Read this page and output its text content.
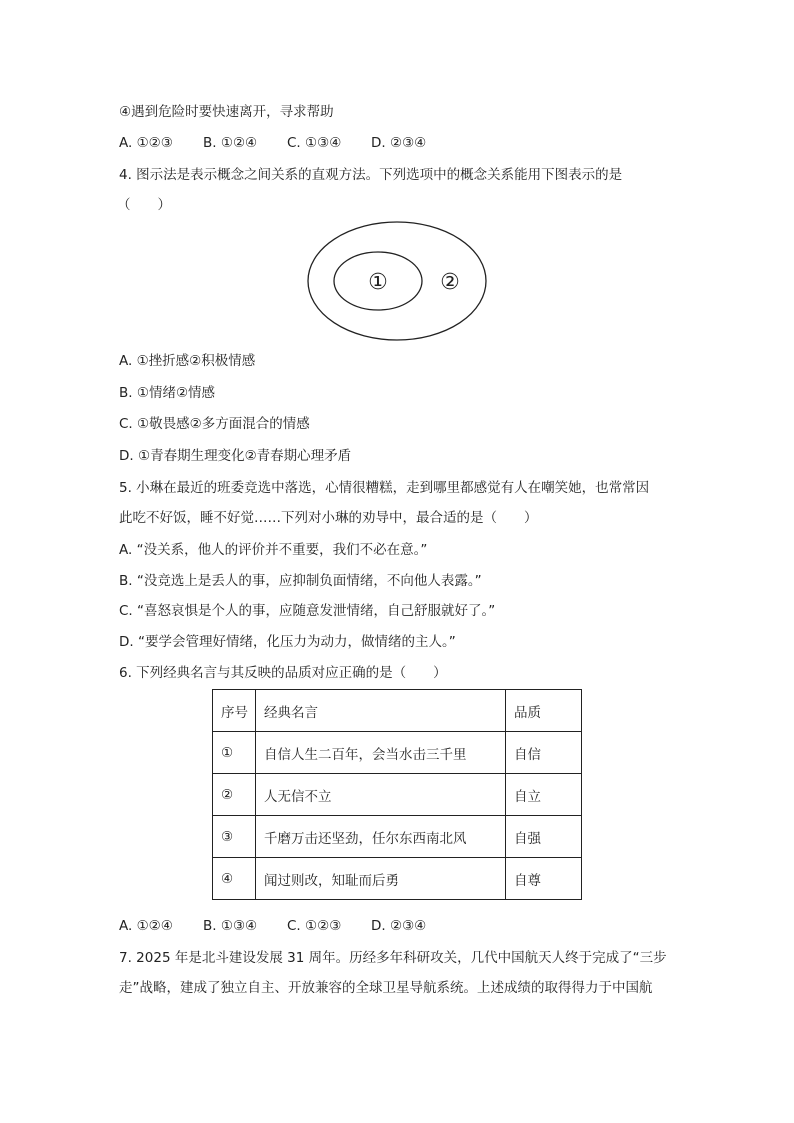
④遇到危险时要快速离开，寻求帮助
A. ①②③ B. ①②④ C. ①③④ D. ②③④
4. 图示法是表示概念之间关系的直观方法。下列选项中的概念关系能用下图表示的是
（　　）
① ②
A. ①挫折感②积极情感
B. ①情绪②情感
C. ①敬畏感②多方面混合的情感
D. ①青春期生理变化②青春期心理矛盾
5. 小琳在最近的班委竞选中落选，心情很糟糕，走到哪里都感觉有人在嘲笑她，也常常因
此吃不好饭，睡不好觉……下列对小琳的劝导中，最合适的是（　　）
A. “没关系，他人的评价并不重要，我们不必在意。”
B. “没竞选上是丢人的事，应抑制负面情绪，不向他人表露。”
C. “喜怒哀惧是个人的事，应随意发泄情绪，自己舒服就好了。”
D. “要学会管理好情绪，化压力为动力，做情绪的主人。”
6. 下列经典名言与其反映的品质对应正确的是（　　）
序号	经典名言	品质
①	自信人生二百年，会当水击三千里	自信
②	人无信不立	自立
③	千磨万击还坚劲，任尔东西南北风	自强
④	闻过则改，知耻而后勇	自尊
A. ①②④ B. ①③④ C. ①②③ D. ②③④
7. 2025 年是北斗建设发展 31 周年。历经多年科研攻关，几代中国航天人终于完成了“三步
走”战略，建成了独立自主、开放兼容的全球卫星导航系统。上述成绩的取得得力于中国航
